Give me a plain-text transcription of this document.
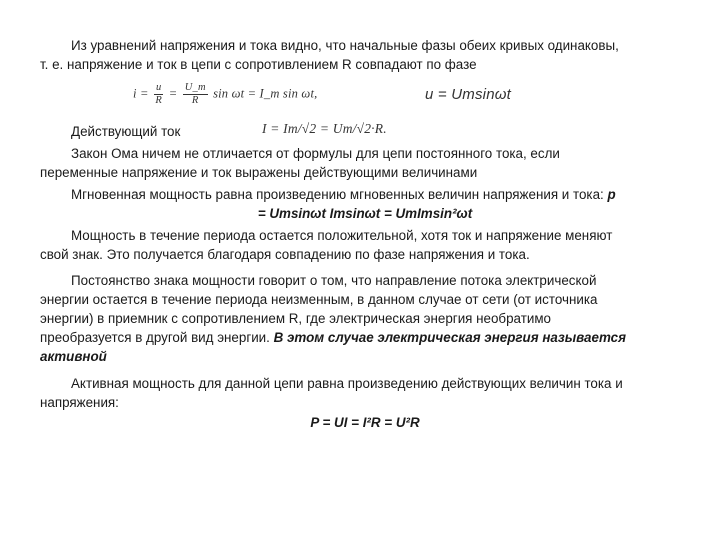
Из уравнений напряжения и тока видно, что начальные фазы обеих кривых одинаковы,
т. е. напряжение и ток в цепи с сопротивлением R совпадают по фазе
$i = \frac{u}{R} = \frac{U\_m}{R}$ sin ωt = I_m sin ωt,	u = Umsinωt
Действующий ток	I = Im/√2 = Um/√2·R.
Закон Ома ничем не отличается от формулы для цепи постоянного тока, если
переменные напряжение и ток выражены действующими величинами
Мгновенная мощность равна произведению мгновенных величин напряжения и тока: p
= Umsinωt Imsinωt = UmImsin²ωt
Мощность в течение периода остается положительной, хотя ток и напряжение меняют
свой знак. Это получается благодаря совпадению по фазе напряжения и тока.
Постоянство знака мощности говорит о том, что направление потока электрической
энергии остается в течение периода неизменным, в данном случае от сети (от источника
энергии) в приемник с сопротивлением R, где электрическая энергия необратимо
преобразуется в другой вид энергии. В этом случае электрическая энергия называется
активной
Активная мощность для данной цепи равна произведению действующих величин тока и
напряжения:
P = UI = I²R = U²R
